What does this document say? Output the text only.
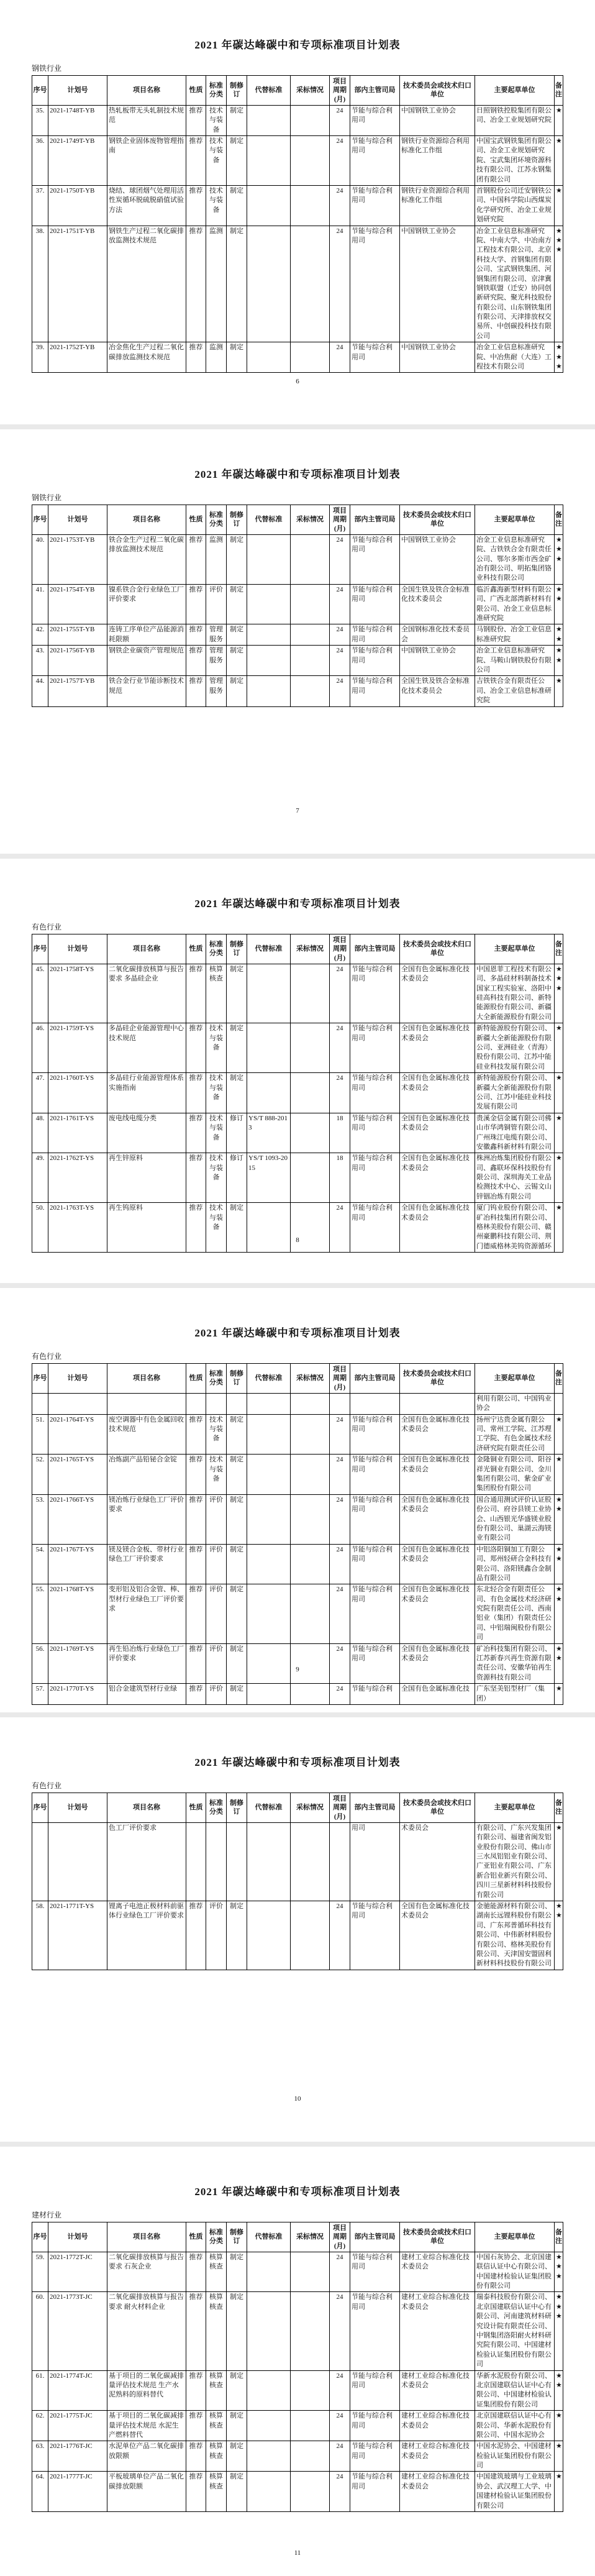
2021 年碳达峰碳中和专项标准项目计划表
钢铁行业
序号	计划号	项目名称	性质	标准分类	制修订	代替标准	采标情况	项目周期(月)	部内主管司局	技术委员会或技术归口单位	主要起草单位	备注
35.	2021-1748T-YB	热轧板带无头轧制技术规范	推荐	技术与装备	制定			24	节能与综合利用司	中国钢铁工业协会	日照钢铁控股集团有限公司、冶金工业规划研究院	★
36.	2021-1749T-YB	钢铁企业固体废物管理指南	推荐	技术与装备	制定			24	节能与综合利用司	钢铁行业资源综合利用标准化工作组	中国宝武钢铁集团有限公司、冶金工业规划研究院、宝武集团环境资源科技有限公司、江苏永钢集团有限公司	★
37.	2021-1750T-YB	烧结、球团烟气处理用活性炭循环脱硫脱硝值试验方法	推荐	技术与装备	制定			24	节能与综合利用司	钢铁行业资源综合利用标准化工作组	首钢股份公司迁安钢铁公司、中国科学院山西煤炭化学研究所、冶金工业规划研究院	★
38.	2021-1751T-YB	钢铁生产过程二氧化碳排放监测技术规范	推荐	监测	制定			24	节能与综合利用司	中国钢铁工业协会	冶金工业信息标准研究院、中南大学、中冶南方工程技术有限公司、北京科技大学、首钢集团有限公司、宝武钢铁集团、河钢集团有限公司、京津冀钢铁联盟（迁安）协同创新研究院、聚光科技股份有限公司、山东钢铁集团有限公司、天津排放权交易所、中创碳投科技有限公司	★★★
39.	2021-1752T-YB	冶金焦化生产过程二氧化碳排放监测技术规范	推荐	监测	制定			24	节能与综合利用司	中国钢铁工业协会	冶金工业信息标准研究院、中冶焦耐（大连）工程技术有限公司	★★★
6
2021 年碳达峰碳中和专项标准项目计划表
钢铁行业
序号	计划号	项目名称	性质	标准分类	制修订	代替标准	采标情况	项目周期(月)	部内主管司局	技术委员会或技术归口单位	主要起草单位	备注
40.	2021-1753T-YB	铁合金生产过程二氧化碳排放监测技术规范	推荐	监测	制定			24	节能与综合利用司	中国钢铁工业协会	冶金工业信息标准研究院、吉铁铁合金有限责任公司、鄂尔多斯市西金矿冶有限公司、明拓集团铬业科技有限公司	★★★
41.	2021-1754T-YB	镍系铁合金行业绿色工厂评价要求	推荐	评价	制定			24	节能与综合利用司	全国生铁及铁合金标准化技术委员会	临沂鑫海新型材料有限公司、广西北部湾新材料有限公司、冶金工业信息标准研究院	★★
42.	2021-1755T-YB	连铸工序单位产品能源消耗限额	推荐	管理服务	制定			24	节能与综合利用司	全国钢标准化技术委员会	马钢股份、冶金工业信息标准研究院	★★
43.	2021-1756T-YB	钢铁企业碳资产管理规范	推荐	管理服务	制定			24	节能与综合利用司	中国钢铁工业协会	冶金工业信息标准研究院、马鞍山钢铁股份有限公司	★★
44.	2021-1757T-YB	铁合金行业节能诊断技术规范	推荐	管理服务	制定			24	节能与综合利用司	全国生铁及铁合金标准化技术委员会	吉铁铁合金有限责任公司、冶金工业信息标准研究院	★
7
2021 年碳达峰碳中和专项标准项目计划表
有色行业
序号	计划号	项目名称	性质	标准分类	制修订	代替标准	采标情况	项目周期(月)	部内主管司局	技术委员会或技术归口单位	主要起草单位	备注
45.	2021-1758T-YS	二氧化碳排放核算与报告要求 多晶硅企业	推荐	核算核查	制定			24	节能与综合利用司	全国有色金属标准化技术委员会	中国恩菲工程技术有限公司、多晶硅材料制备技术国家工程实验室、洛阳中硅高科技有限公司、新特能源股份有限公司、新疆大全新能源股份有限公司	★★★
46.	2021-1759T-YS	多晶硅企业能源管理中心技术规范	推荐	技术与装备	制定			24	节能与综合利用司	全国有色金属标准化技术委员会	新特能源股份有限公司、新疆大全新能源股份有限公司、亚洲硅业（青海）股份有限公司、江苏中能硅业科技发展有限公司	★
47.	2021-1760T-YS	多晶硅行业能源管理体系实施指南	推荐	技术与装备	制定			24	节能与综合利用司	全国有色金属标准化技术委员会	新特能源股份有限公司、新疆大全新能源股份有限公司、江苏中能硅业科技发展有限公司	★
48.	2021-1761T-YS	废电线电缆分类	推荐	技术与装备	修订	YS/T 888-2013		18	节能与综合利用司	全国有色金属标准化技术委员会	贵溪金信金属有限公司佛山市华鸿铜管有限公司、广州珠江电缆有限公司、安徽鑫科新材料有限公司	★
49.	2021-1762T-YS	再生锌原料	推荐	技术与装备	修订	YS/T 1093-2015		18	节能与综合利用司	全国有色金属标准化技术委员会	株洲冶炼集团股份有限公司、鑫联环保科技股份有限公司、深圳海关工业品检测技术中心、云锡文山锌铟冶炼有限公司	★
50.	2021-1763T-YS	再生钨原料	推荐	技术与装备	制定			24	节能与综合利用司	全国有色金属标准化技术委员会	厦门钨业股份有限公司、矿冶科技集团有限公司、格林美股份有限公司、赣州豪鹏科技有限公司、荆门德威格林美钨资源循环	★
8
2021 年碳达峰碳中和专项标准项目计划表
有色行业
序号	计划号	项目名称	性质	标准分类	制修订	代替标准	采标情况	项目周期(月)	部内主管司局	技术委员会或技术归口单位	主要起草单位	备注
											利用有限公司、中国钨业协会	
51.	2021-1764T-YS	废空调器中有色金属回收技术规范	推荐	技术与装备	制定			24	节能与综合利用司	全国有色金属标准化技术委员会	扬州宁达贵金属有限公司、常州工学院、江苏理工学院、有色金属技术经济研究院有限责任公司	★
52.	2021-1765T-YS	冶炼副产品铅铋合金锭	推荐	技术与装备	制定			24	节能与综合利用司	全国有色金属标准化技术委员会	金隆铜业有限公司、阳谷祥光铜业有限公司、金川集团有限公司、紫金矿业集团股份有限公司	★
53.	2021-1766T-YS	镁冶炼行业绿色工厂评价要求	推荐	评价	制定			24	节能与综合利用司	全国有色金属标准化技术委员会	国合通用测试评价认证股份公司、府谷县镁工业协会、山西银光华盛镁业股份有限公司、巢湖云海镁业有限公司	★★
54.	2021-1767T-YS	镁及镁合金板、带材行业绿色工厂评价要求	推荐	评价	制定			24	节能与综合利用司	全国有色金属标准化技术委员会	中铝洛阳铜加工有限公司、郑州轻研合金科技有限公司、洛阳镁鑫合金制品有限公司	★★
55.	2021-1768T-YS	变形铝及铝合金管、棒、型材行业绿色工厂评价要求	推荐	评价	制定			24	节能与综合利用司	全国有色金属标准化技术委员会	东北轻合金有限责任公司、有色金属技术经济研究院有限责任公司、西南铝业（集团）有限责任公司、中铝瑞闽股份有限公司	★★
56.	2021-1769T-YS	再生铅冶炼行业绿色工厂评价要求	推荐	评价	制定			24	节能与综合利用司	全国有色金属标准化技术委员会	矿冶科技集团有限公司、江苏新春兴再生资源有限责任公司、安徽华铂再生资源科技有限公司	★★
57.	2021-1770T-YS	铝合金建筑型材行业绿	推荐	评价	制定			24	节能与综合利	全国有色金属标准化技	广东坚美铝型材厂（集团）	★
9
2021 年碳达峰碳中和专项标准项目计划表
有色行业
序号	计划号	项目名称	性质	标准分类	制修订	代替标准	采标情况	项目周期(月)	部内主管司局	技术委员会或技术归口单位	主要起草单位	备注
		色工厂评价要求							用司	术委员会	有限公司、广东兴发集团有限公司、福建省闽发铝业股份有限公司、佛山市三水凤铝铝业有限公司、广亚铝业有限公司、广东新合铝业新兴有限公司、四川三星新材料科技股份有限公司	★
58.	2021-1771T-YS	锂离子电池正极材料前驱体行业绿色工厂评价要求	推荐	评价	制定			24	节能与综合利用司	全国有色金属标准化技术委员会	金驰能源材料有限公司、湖南长远锂科股份有限公司、广东邦普循环科技有限公司、中伟新材料股份有限公司、格林美股份有限公司、天津国安盟固利新材料科技股份有限公司	★★
10
2021 年碳达峰碳中和专项标准项目计划表
建材行业
序号	计划号	项目名称	性质	标准分类	制修订	代替标准	采标情况	项目周期(月)	部内主管司局	技术委员会或技术归口单位	主要起草单位	备注
59.	2021-1772T-JC	二氧化碳排放核算与报告要求 石灰企业	推荐	核算核查	制定			24	节能与综合利用司	建材工业综合标准化技术委员会	中国石灰协会、北京国建联信认证中心有限公司、中国建材检验认证集团股份有限公司	★★★
60.	2021-1773T-JC	二氧化碳排放核算与报告要求 耐火材料企业	推荐	核算核查	制定			24	节能与综合利用司	建材工业综合标准化技术委员会	瑞泰科技股份有限公司、北京国建联信认证中心有限公司、河南建筑材料研究设计院有限责任公司、中钢集团洛阳耐火材料研究院有限公司、中国建材检验认证集团股份有限公司	★★★
61.	2021-1774T-JC	基于项目的二氧化碳减排量评估技术规范 生产水泥熟料的原料替代	推荐	核算核查	制定			24	节能与综合利用司	建材工业综合标准化技术委员会	华新水泥股份有限公司、北京国建联信认证中心有限公司、中国建材检验认证集团股份有限公司	★★
62.	2021-1775T-JC	基于项目的二氧化碳减排量评估技术规范 水泥生产燃料替代	推荐	核算核查	制定			24	节能与综合利用司	建材工业综合标准化技术委员会	北京国建联信认证中心有限公司、华新水泥股份有限公司、中国水泥协会	★
63.	2021-1776T-JC	水泥单位产品二氧化碳排放限额	推荐	核算核查	制定			24	节能与综合利用司	建材工业综合标准化技术委员会	中国水泥协会、中国建材检验认证集团股份有限公司	★
64.	2021-1777T-JC	平板玻璃单位产品二氧化碳排放限额	推荐	核算核查	制定			24	节能与综合利用司	建材工业综合标准化技术委员会	中国建筑玻璃与工业玻璃协会、武汉理工大学、中国建材检验认证集团股份有限公司	★
11
